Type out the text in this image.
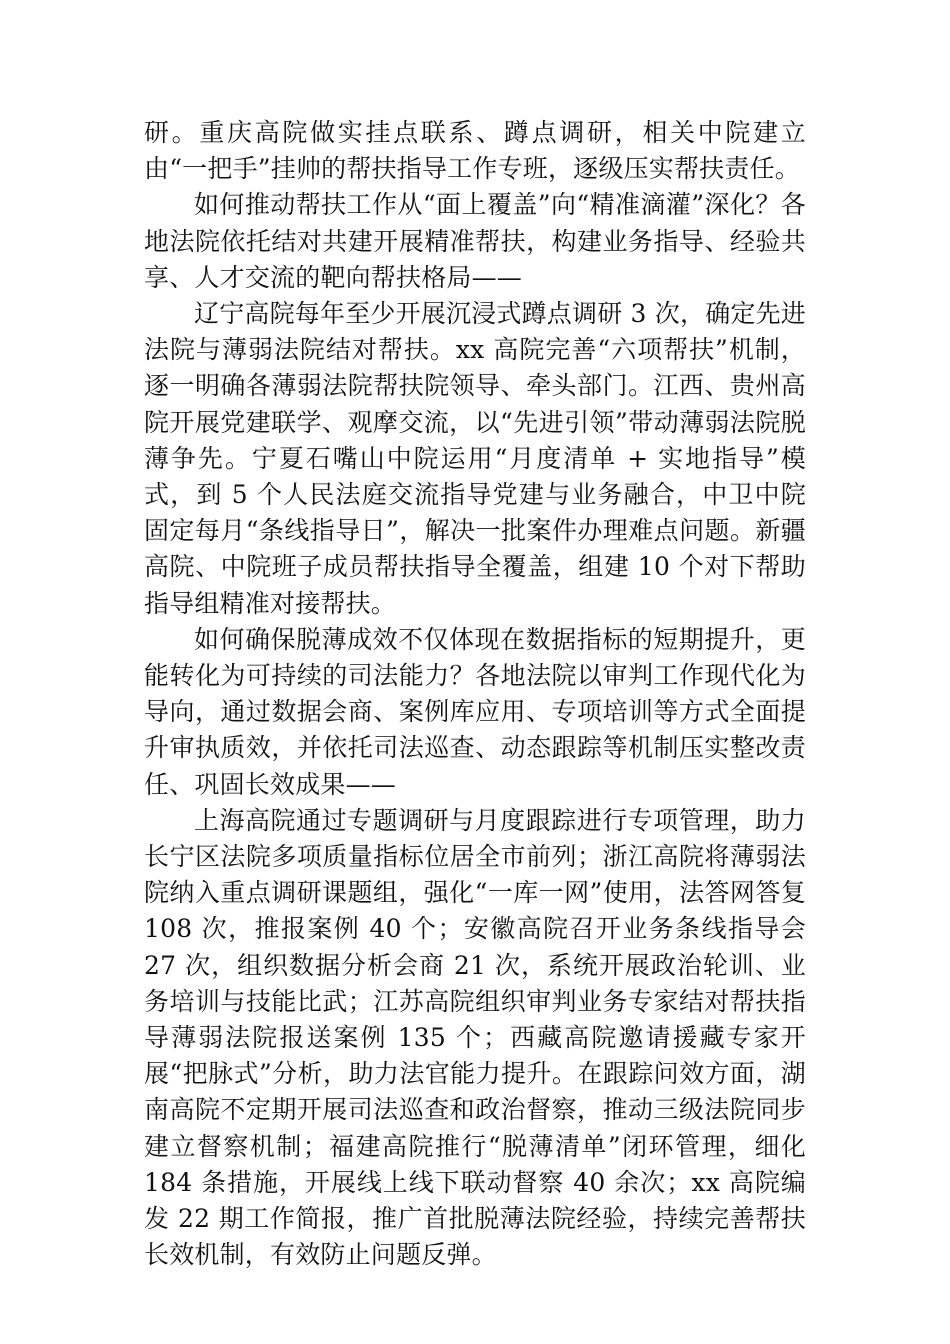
研。重庆高院做实挂点联系、蹲点调研，相关中院建立由“一把手”挂帅的帮扶指导工作专班，逐级压实帮扶责任。

如何推动帮扶工作从“面上覆盖”向“精准滴灌”深化？各地法院依托结对共建开展精准帮扶，构建业务指导、经验共享、人才交流的靶向帮扶格局——

辽宁高院每年至少开展沉浸式蹲点调研 3 次，确定先进法院与薄弱法院结对帮扶。xx 高院完善“六项帮扶”机制，逐一明确各薄弱法院帮扶院领导、牵头部门。江西、贵州高院开展党建联学、观摩交流，以“先进引领”带动薄弱法院脱薄争先。宁夏石嘴山中院运用“月度清单 + 实地指导”模式，到 5 个人民法庭交流指导党建与业务融合，中卫中院固定每月“条线指导日”，解决一批案件办理难点问题。新疆高院、中院班子成员帮扶指导全覆盖，组建 10 个对下帮助指导组精准对接帮扶。

如何确保脱薄成效不仅体现在数据指标的短期提升，更能转化为可持续的司法能力？各地法院以审判工作现代化为导向，通过数据会商、案例库应用、专项培训等方式全面提升审执质效，并依托司法巡查、动态跟踪等机制压实整改责任、巩固长效成果——

上海高院通过专题调研与月度跟踪进行专项管理，助力长宁区法院多项质量指标位居全市前列；浙江高院将薄弱法院纳入重点调研课题组，强化“一库一网”使用，法答网答复 108 次，推报案例 40 个；安徽高院召开业务条线指导会 27 次，组织数据分析会商 21 次，系统开展政治轮训、业务培训与技能比武；江苏高院组织审判业务专家结对帮扶指导薄弱法院报送案例 135 个；西藏高院邀请援藏专家开展“把脉式”分析，助力法官能力提升。在跟踪问效方面，湖南高院不定期开展司法巡查和政治督察，推动三级法院同步建立督察机制；福建高院推行“脱薄清单”闭环管理，细化 184 条措施，开展线上线下联动督察 40 余次；xx 高院编发 22 期工作简报，推广首批脱薄法院经验，持续完善帮扶长效机制，有效防止问题反弹。
